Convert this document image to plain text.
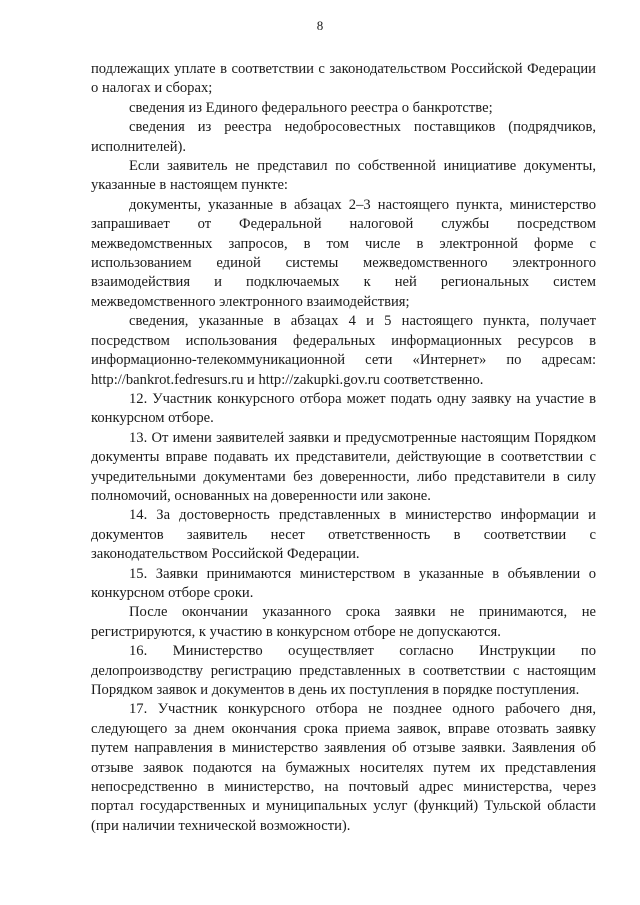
8

подлежащих уплате в соответствии с законодательством Российской Федерации о налогах и сборах;

сведения из Единого федерального реестра о банкротстве;

сведения из реестра недобросовестных поставщиков (подрядчиков, исполнителей).

Если заявитель не представил по собственной инициативе документы, указанные в настоящем пункте:

документы, указанные в абзацах 2–3 настоящего пункта, министерство запрашивает от Федеральной налоговой службы посредством межведомственных запросов, в том числе в электронной форме с использованием единой системы межведомственного электронного взаимодействия и подключаемых к ней региональных систем межведомственного электронного взаимодействия;

сведения, указанные в абзацах 4 и 5 настоящего пункта, получает посредством использования федеральных информационных ресурсов в информационно-телекоммуникационной сети «Интернет» по адресам: http://bankrot.fedresurs.ru и http://zakupki.gov.ru соответственно.

12. Участник конкурсного отбора может подать одну заявку на участие в конкурсном отборе.

13. От имени заявителей заявки и предусмотренные настоящим Порядком документы вправе подавать их представители, действующие в соответствии с учредительными документами без доверенности, либо представители в силу полномочий, основанных на доверенности или законе.

14. За достоверность представленных в министерство информации и документов заявитель несет ответственность в соответствии с законодательством Российской Федерации.

15. Заявки принимаются министерством в указанные в объявлении о конкурсном отборе сроки.

После окончании указанного срока заявки не принимаются, не регистрируются, к участию в конкурсном отборе не допускаются.

16. Министерство осуществляет согласно Инструкции по делопроизводству регистрацию представленных в соответствии с настоящим Порядком заявок и документов в день их поступления в порядке поступления.

17. Участник конкурсного отбора не позднее одного рабочего дня, следующего за днем окончания срока приема заявок, вправе отозвать заявку путем направления в министерство заявления об отзыве заявки. Заявления об отзыве заявок подаются на бумажных носителях путем их представления непосредственно в министерство, на почтовый адрес министерства, через портал государственных и муниципальных услуг (функций) Тульской области (при наличии технической возможности).
